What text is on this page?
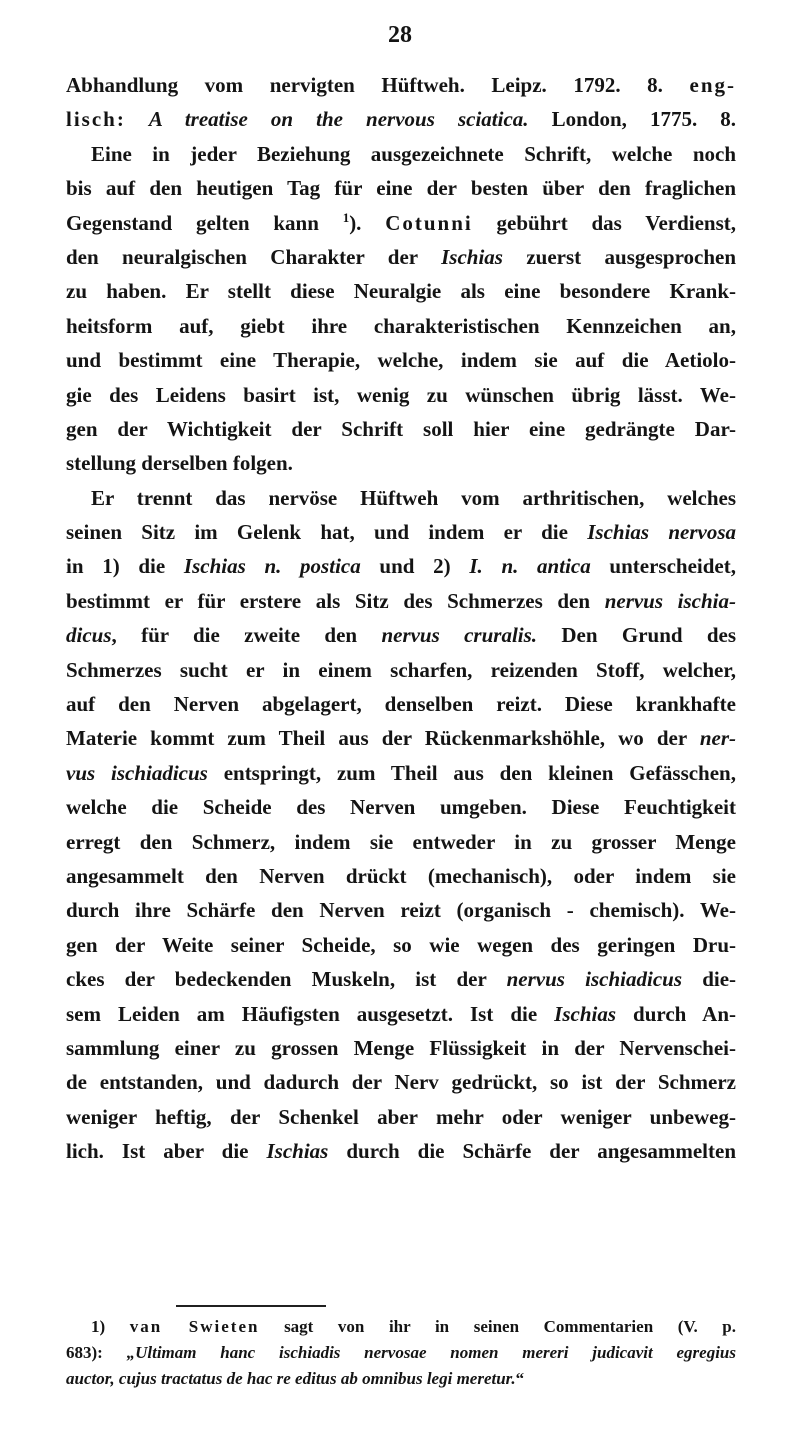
28
Abhandlung vom nervigten Hüftweh. Leipz. 1792. 8. eng-
lisch: A treatise on the nervous sciatica. London, 1775. 8.
Eine in jeder Beziehung ausgezeichnete Schrift, welche noch
bis auf den heutigen Tag für eine der besten über den fraglichen
Gegenstand gelten kann $^1$). Cotunni gebührt das Verdienst,
den neuralgischen Charakter der Ischias zuerst ausgesprochen
zu haben. Er stellt diese Neuralgie als eine besondere Krank-
heitsform auf, giebt ihre charakteristischen Kennzeichen an,
und bestimmt eine Therapie, welche, indem sie auf die Aetiolo-
gie des Leidens basirt ist, wenig zu wünschen übrig lässt. We-
gen der Wichtigkeit der Schrift soll hier eine gedrängte Dar-
stellung derselben folgen.
Er trennt das nervöse Hüftweh vom arthritischen, welches
seinen Sitz im Gelenk hat, und indem er die Ischias nervosa
in 1) die Ischias n. postica und 2) I. n. antica unterscheidet,
bestimmt er für erstere als Sitz des Schmerzes den nervus ischia-
dicus, für die zweite den nervus cruralis. Den Grund des
Schmerzes sucht er in einem scharfen, reizenden Stoff, welcher,
auf den Nerven abgelagert, denselben reizt. Diese krankhafte
Materie kommt zum Theil aus der Rückenmarkshöhle, wo der ner-
vus ischiadicus entspringt, zum Theil aus den kleinen Gefässchen,
welche die Scheide des Nerven umgeben. Diese Feuchtigkeit
erregt den Schmerz, indem sie entweder in zu grosser Menge
angesammelt den Nerven drückt (mechanisch), oder indem sie
durch ihre Schärfe den Nerven reizt (organisch - chemisch). We-
gen der Weite seiner Scheide, so wie wegen des geringen Dru-
ckes der bedeckenden Muskeln, ist der nervus ischiadicus die-
sem Leiden am Häufigsten ausgesetzt. Ist die Ischias durch An-
sammlung einer zu grossen Menge Flüssigkeit in der Nervenschei-
de entstanden, und dadurch der Nerv gedrückt, so ist der Schmerz
weniger heftig, der Schenkel aber mehr oder weniger unbeweg-
lich. Ist aber die Ischias durch die Schärfe der angesammelten
1) van Swieten sagt von ihr in seinen Commentarien (V. p.
683): „Ultimam hanc ischiadis nervosae nomen mereri judicavit egregius
auctor, cujus tractatus de hac re editus ab omnibus legi meretur.“
